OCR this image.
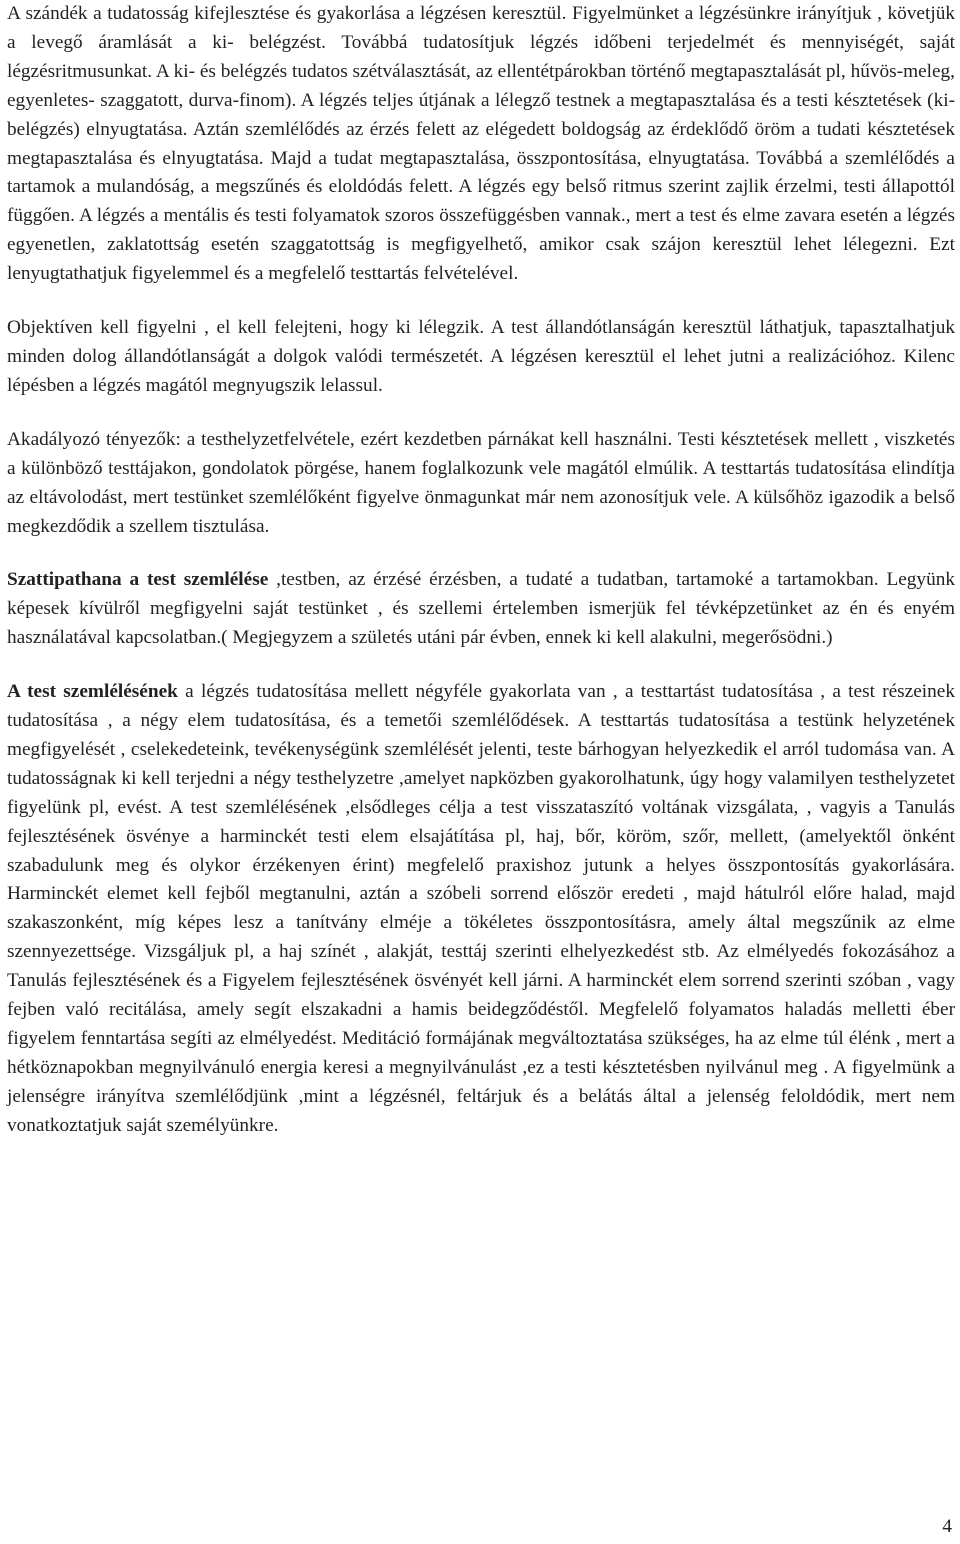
A szándék a tudatosság kifejlesztése és gyakorlása a légzésen keresztül. Figyelmünket a légzésünkre irányítjuk , követjük a levegő áramlását a ki- belégzést. Továbbá tudatosítjuk légzés időbeni terjedelmét és mennyiségét, saját légzésritmusunkat. A ki- és belégzés tudatos szétválasztását, az ellentétpárokban történő megtapasztalását pl, hűvös-meleg, egyenletes- szaggatott, durva-finom). A légzés teljes útjának a lélegző testnek a megtapasztalása és a testi késztetések (ki- belégzés) elnyugtatása. Aztán szemlélődés az érzés felett az elégedett boldogság az érdeklődő öröm a tudati késztetések megtapasztalása és elnyugtatása. Majd a tudat megtapasztalása, összpontosítása, elnyugtatása. Továbbá a szemlélődés a tartamok a mulandóság, a megszűnés és eloldódás felett. A légzés egy belső ritmus szerint zajlik érzelmi, testi állapottól függően. A légzés a mentális és testi folyamatok szoros összefüggésben vannak., mert a test és elme zavara esetén a légzés egyenetlen, zaklatottság esetén szaggatottság is megfigyelhető, amikor csak szájon keresztül lehet lélegezni. Ezt lenyugtathatjuk figyelemmel és a megfelelő testtartás felvételével.

Objektíven kell figyelni , el kell felejteni, hogy ki lélegzik. A test állandótlanságán keresztül láthatjuk, tapasztalhatjuk minden dolog állandótlanságát a dolgok valódi természetét. A légzésen keresztül el lehet jutni a realizációhoz. Kilenc lépésben a légzés magától megnyugszik lelassul.

Akadályozó tényezők: a testhelyzetfelvétele, ezért kezdetben párnákat kell használni. Testi késztetések mellett , viszketés a különböző testtájakon, gondolatok pörgése, hanem foglalkozunk vele magától elmúlik. A testtartás tudatosítása elindítja az eltávolodást, mert testünket szemlélőként figyelve önmagunkat már nem azonosítjuk vele. A külsőhöz igazodik a belső megkezdődik a szellem tisztulása.

Szattipathana a test szemlélése ,testben, az érzésé érzésben, a tudaté a tudatban, tartamoké a tartamokban. Legyünk képesek kívülről megfigyelni saját testünket , és szellemi értelemben ismerjük fel tévképzetünket az én és enyém használatával kapcsolatban.( Megjegyzem a születés utáni pár évben, ennek ki kell alakulni, megerősödni.)

A test szemlélésének a légzés tudatosítása mellett négyféle gyakorlata van , a testtartást tudatosítása , a test részeinek tudatosítása , a négy elem tudatosítása, és a temetői szemlélődések. A testtartás tudatosítása a testünk helyzetének megfigyelését , cselekedeteink, tevékenységünk szemlélését jelenti, teste bárhogyan helyezkedik el arról tudomása van. A tudatosságnak ki kell terjedni a négy testhelyzetre ,amelyet napközben gyakorolhatunk, úgy hogy valamilyen testhelyzetet figyelünk pl, evést. A test szemlélésének ,elsődleges célja a test visszataszító voltának vizsgálata, , vagyis a Tanulás fejlesztésének ösvénye a harminckét testi elem elsajátítása pl, haj, bőr, köröm, szőr, mellett, (amelyektől önként szabadulunk meg és olykor érzékenyen érint) megfelelő praxishoz jutunk a helyes összpontosítás gyakorlására. Harminckét elemet kell fejből megtanulni, aztán a szóbeli sorrend először eredeti , majd hátulról előre halad, majd szakaszonként, míg képes lesz a tanítvány elméje a tökéletes összpontosításra, amely által megszűnik az elme szennyezettsége. Vizsgáljuk pl, a haj színét , alakját, testtáj szerinti elhelyezkedést stb. Az elmélyedés fokozásához a Tanulás fejlesztésének és a Figyelem fejlesztésének ösvényét kell járni. A harminckét elem sorrend szerinti szóban , vagy fejben való recitálása, amely segít elszakadni a hamis beidegződéstől. Megfelelő folyamatos haladás melletti éber figyelem fenntartása segíti az elmélyedést. Meditáció formájának megváltoztatása szükséges, ha az elme túl élénk , mert a hétköznapokban megnyilvánuló energia keresi a megnyilvánulást ,ez a testi késztetésben nyilvánul meg . A figyelmünk a jelenségre irányítva szemlélődjünk ,mint a légzésnél, feltárjuk és a belátás által a jelenség feloldódik, mert nem vonatkoztatjuk saját személyünkre.

4
